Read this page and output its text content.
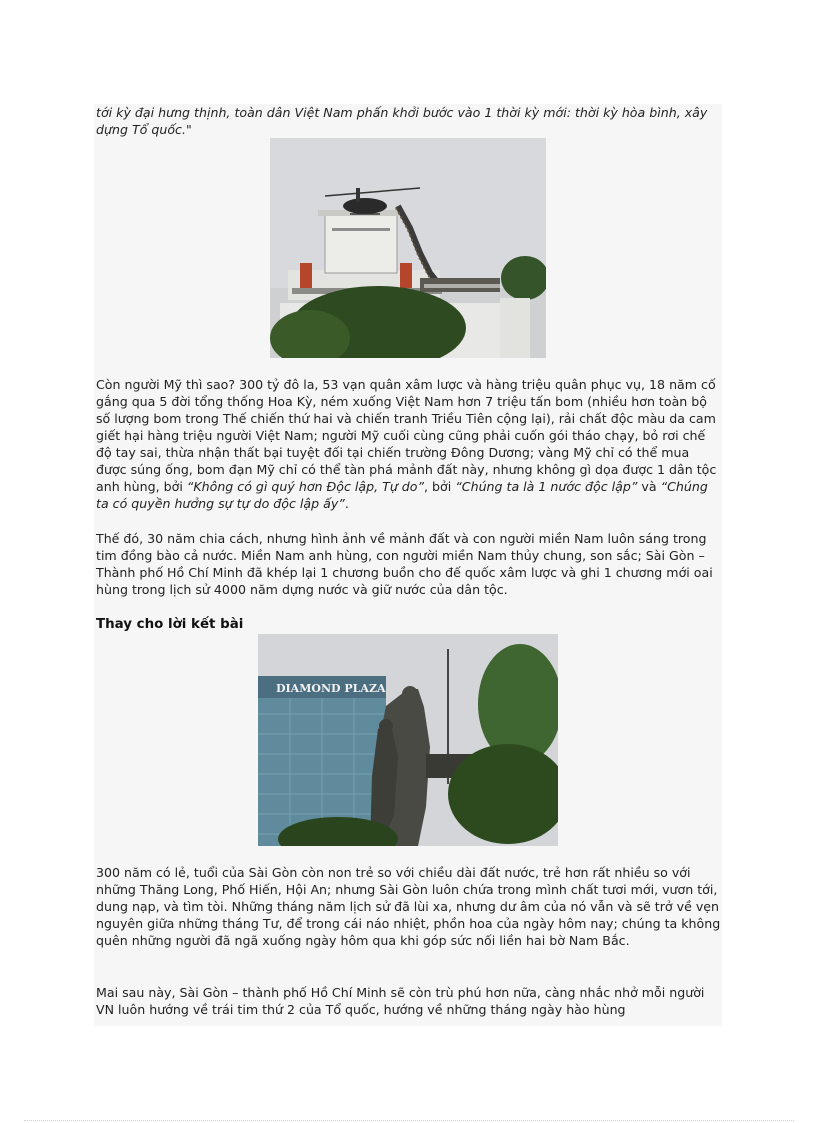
tới kỳ đại hưng thịnh, toàn dân Việt Nam phấn khởi bước vào 1 thời kỳ mới: thời kỳ hòa bình, xây dựng Tổ quốc."
Còn người Mỹ thì sao? 300 tỷ đô la, 53 vạn quân xâm lược và hàng triệu quân phục vụ, 18 năm cố gắng qua 5 đời tổng thống Hoa Kỳ, ném xuống Việt Nam hơn 7 triệu tấn bom (nhiều hơn toàn bộ số lượng bom trong Thế chiến thứ hai và chiến tranh Triều Tiên cộng lại), rải chất độc màu da cam giết hại hàng triệu người Việt Nam; người Mỹ cuối cùng cũng phải cuốn gói tháo chạy, bỏ rơi chế độ tay sai, thừa nhận thất bại tuyệt đối tại chiến trường Đông Dương; vàng Mỹ chỉ có thể mua được súng ống, bom đạn Mỹ chỉ có thể tàn phá mảnh đất này, nhưng không gì dọa được 1 dân tộc anh hùng, bởi “Không có gì quý hơn Độc lập, Tự do”, bởi “Chúng ta là 1 nước độc lập” và “Chúng ta có quyền hưởng sự tự do độc lập ấy”.
Thế đó, 30 năm chia cách, nhưng hình ảnh về mảnh đất và con người miền Nam luôn sáng trong tim đồng bào cả nước. Miền Nam anh hùng, con người miền Nam thủy chung, son sắc; Sài Gòn – Thành phố Hồ Chí Minh đã khép lại 1 chương buồn cho đế quốc xâm lược và ghi 1 chương mới oai hùng trong lịch sử 4000 năm dựng nước và giữ nước của dân tộc.
Thay cho lời kết bài
DIAMOND PLAZA
300 năm có lẻ, tuổi của Sài Gòn còn non trẻ so với chiều dài đất nước, trẻ hơn rất nhiều so với những Thăng Long, Phố Hiến, Hội An; nhưng Sài Gòn luôn chứa trong mình chất tươi mới, vươn tới, dung nạp, và tìm tòi. Những tháng năm lịch sử đã lùi xa, nhưng dư âm của nó vẫn và sẽ trở về vẹn nguyên giữa những tháng Tư, để trong cái náo nhiệt, phồn hoa của ngày hôm nay; chúng ta không quên những người đã ngã xuống ngày hôm qua khi góp sức nối liền hai bờ Nam Bắc.
Mai sau này, Sài Gòn – thành phố Hồ Chí Minh sẽ còn trù phú hơn nữa, càng nhắc nhở mỗi người VN luôn hướng về trái tim thứ 2 của Tổ quốc, hướng về những tháng ngày hào hùng
